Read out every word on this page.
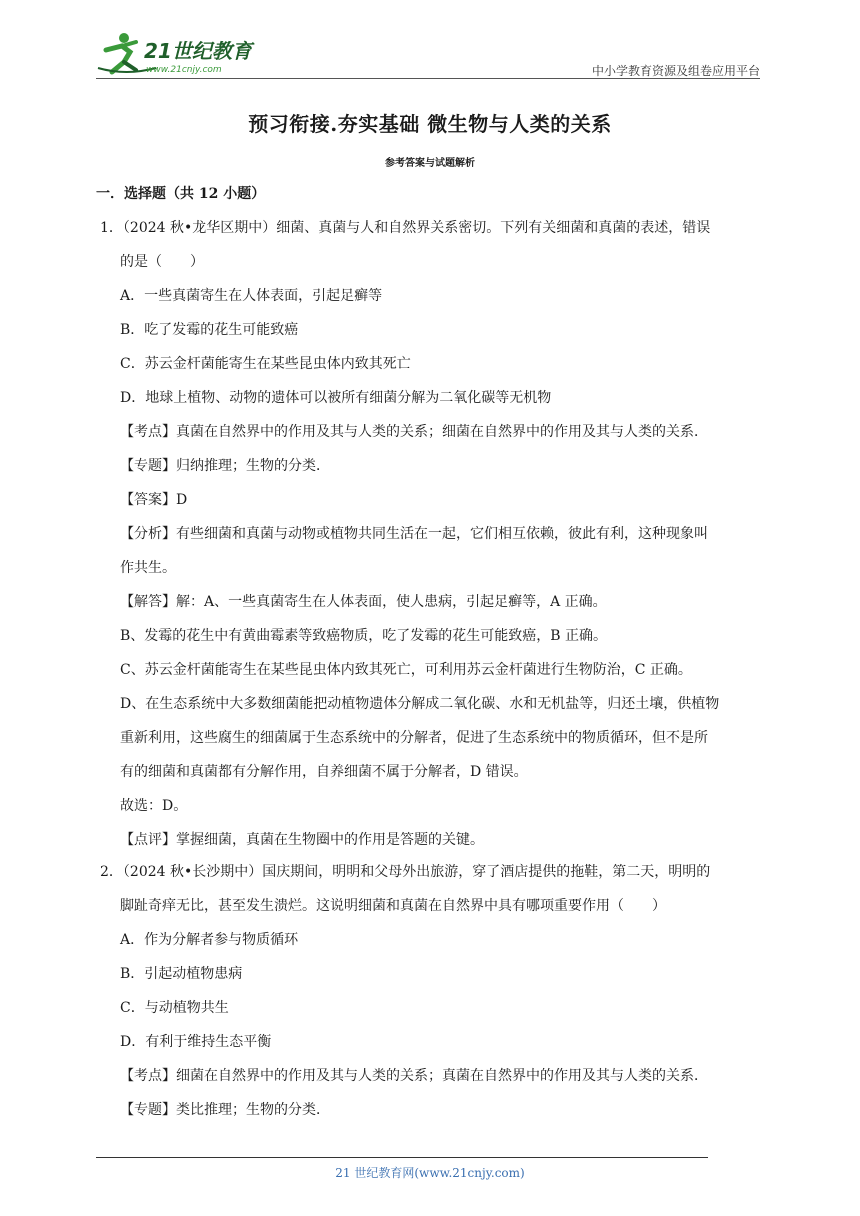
21世纪教育
www.21cnjy.com	中小学教育资源及组卷应用平台
预习衔接.夯实基础 微生物与人类的关系
参考答案与试题解析
一．选择题（共 12 小题）
1．（2024 秋•龙华区期中）细菌、真菌与人和自然界关系密切。下列有关细菌和真菌的表述，错误
的是（　　）
A．一些真菌寄生在人体表面，引起足癣等
B．吃了发霉的花生可能致癌
C．苏云金杆菌能寄生在某些昆虫体内致其死亡
D．地球上植物、动物的遗体可以被所有细菌分解为二氧化碳等无机物
【考点】真菌在自然界中的作用及其与人类的关系；细菌在自然界中的作用及其与人类的关系．
【专题】归纳推理；生物的分类．
【答案】D
【分析】有些细菌和真菌与动物或植物共同生活在一起，它们相互依赖，彼此有利，这种现象叫
作共生。
【解答】解：A、一些真菌寄生在人体表面，使人患病，引起足癣等，A 正确。
B、发霉的花生中有黄曲霉素等致癌物质，吃了发霉的花生可能致癌，B 正确。
C、苏云金杆菌能寄生在某些昆虫体内致其死亡，可利用苏云金杆菌进行生物防治，C 正确。
D、在生态系统中大多数细菌能把动植物遗体分解成二氧化碳、水和无机盐等，归还土壤，供植物
重新利用，这些腐生的细菌属于生态系统中的分解者，促进了生态系统中的物质循环，但不是所
有的细菌和真菌都有分解作用，自养细菌不属于分解者，D 错误。
故选：D。
【点评】掌握细菌，真菌在生物圈中的作用是答题的关键。
2．（2024 秋•长沙期中）国庆期间，明明和父母外出旅游，穿了酒店提供的拖鞋，第二天，明明的
脚趾奇痒无比，甚至发生溃烂。这说明细菌和真菌在自然界中具有哪项重要作用（　　）
A．作为分解者参与物质循环
B．引起动植物患病
C．与动植物共生
D．有利于维持生态平衡
【考点】细菌在自然界中的作用及其与人类的关系；真菌在自然界中的作用及其与人类的关系．
【专题】类比推理；生物的分类．
21 世纪教育网(www.21cnjy.com)
